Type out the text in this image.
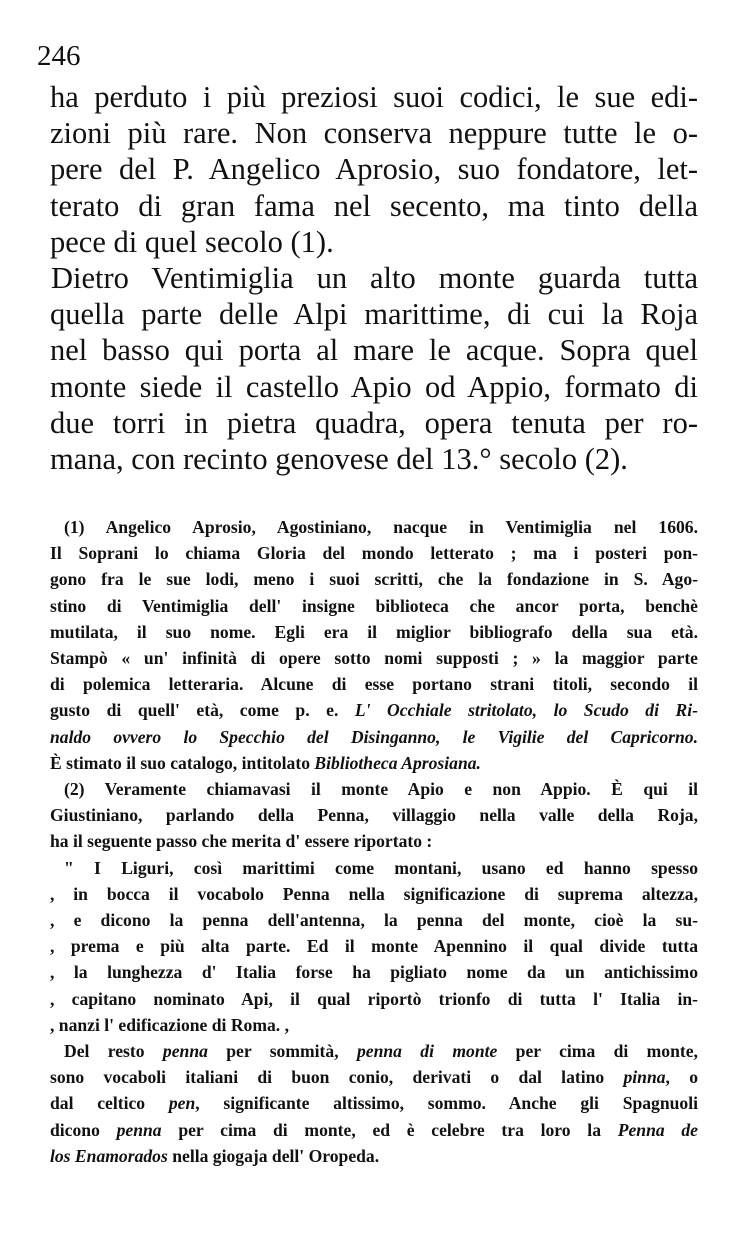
246
ha perduto i più preziosi suoi codici, le sue edi-
zioni più rare. Non conserva neppure tutte le o-
pere del P. Angelico Aprosio, suo fondatore, let-
terato di gran fama nel secento, ma tinto della
pece di quel secolo (1).
Dietro Ventimiglia un alto monte guarda tutta
quella parte delle Alpi marittime, di cui la Roja
nel basso qui porta al mare le acque. Sopra quel
monte siede il castello Apio od Appio, formato di
due torri in pietra quadra, opera tenuta per ro-
mana, con recinto genovese del 13.° secolo (2).
(1) Angelico Aprosio, Agostiniano, nacque in Ventimiglia nel 1606.
Il Soprani lo chiama Gloria del mondo letterato ; ma i posteri pon-
gono fra le sue lodi, meno i suoi scritti, che la fondazione in S. Ago-
stino di Ventimiglia dell' insigne biblioteca che ancor porta, benchè
mutilata, il suo nome. Egli era il miglior bibliografo della sua età.
Stampò « un' infinità di opere sotto nomi supposti ; » la maggior parte
di polemica letteraria. Alcune di esse portano strani titoli, secondo il
gusto di quell' età, come p. e. L' Occhiale stritolato, lo Scudo di Ri-
naldo ovvero lo Specchio del Disinganno, le Vigilie del Capricorno.
È stimato il suo catalogo, intitolato Bibliotheca Aprosiana.
(2) Veramente chiamavasi il monte Apio e non Appio. È qui il
Giustiniano, parlando della Penna, villaggio nella valle della Roja,
ha il seguente passo che merita d' essere riportato :
" I Liguri, così marittimi come montani, usano ed hanno spesso
, in bocca il vocabolo Penna nella significazione di suprema altezza,
, e dicono la penna dell'antenna, la penna del monte, cioè la su-
, prema e più alta parte. Ed il monte Apennino il qual divide tutta
, la lunghezza d' Italia forse ha pigliato nome da un antichissimo
, capitano nominato Api, il qual riportò trionfo di tutta l' Italia in-
, nanzi l' edificazione di Roma. ,
Del resto penna per sommità, penna di monte per cima di monte,
sono vocaboli italiani di buon conio, derivati o dal latino pinna, o
dal celtico pen, significante altissimo, sommo. Anche gli Spagnuoli
dicono penna per cima di monte, ed è celebre tra loro la Penna de
los Enamorados nella giogaja dell' Oropeda.
